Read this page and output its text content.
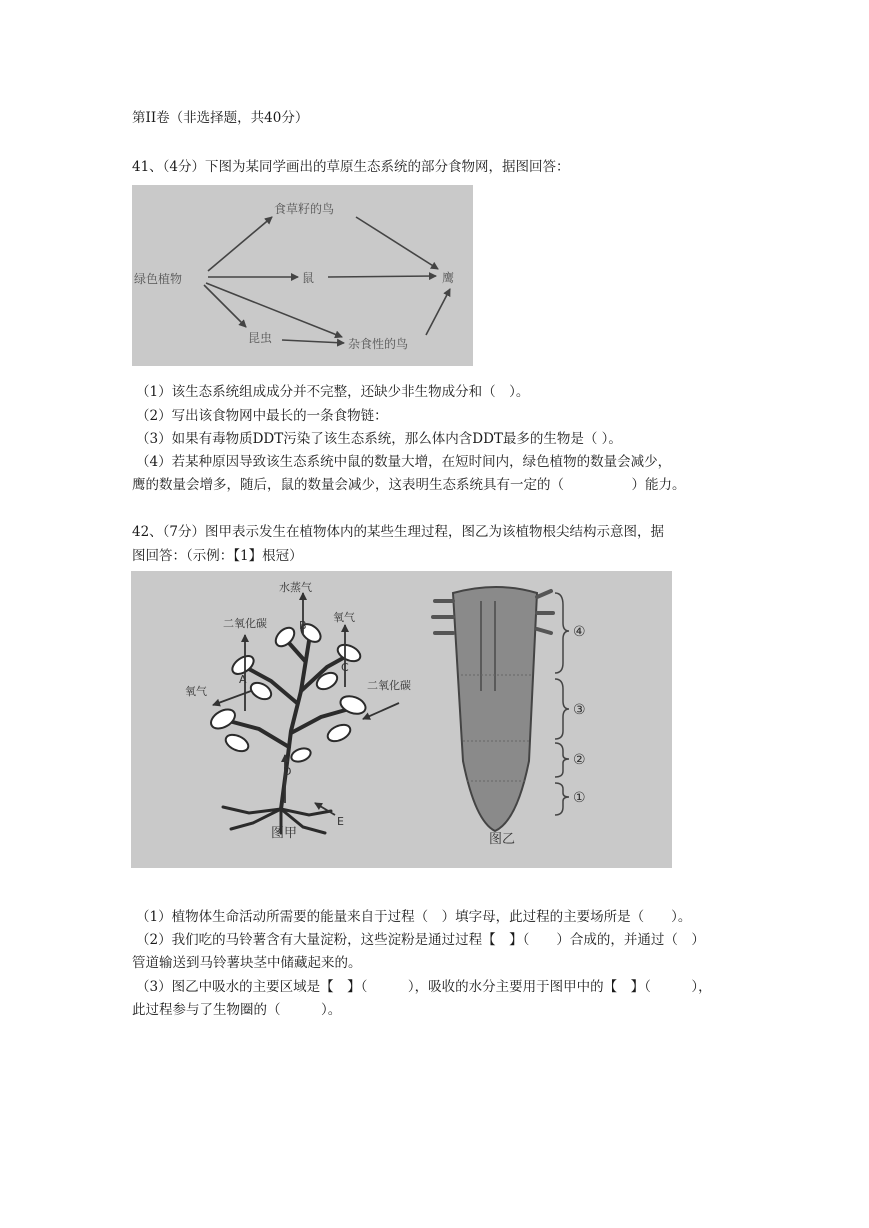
第II卷（非选择题，共40分）
41、（4分）下图为某同学画出的草原生态系统的部分食物网，据图回答：
绿色植物
食草籽的鸟
鼠	鹰
昆虫	杂食性的鸟
（1）该生态系统组成成分并不完整，还缺少非生物成分和（　）。
（2）写出该食物网中最长的一条食物链：
（3）如果有毒物质DDT污染了该生态系统，那么体内含DDT最多的生物是（ ）。
（4）若某种原因导致该生态系统中鼠的数量大增，在短时间内，绿色植物的数量会减少，
鹰的数量会增多，随后，鼠的数量会减少，这表明生态系统具有一定的（　　　　　）能力。
42、（7分）图甲表示发生在植物体内的某些生理过程，图乙为该植物根尖结构示意图，据
图回答：（示例：【1】根冠）
水蒸气
二氧化碳	氧气
氧气	二氧化碳
A
B
C
D
E
图甲
④
③
②
①
图乙
（1）植物体生命活动所需要的能量来自于过程（　）填字母，此过程的主要场所是（　　）。
（2）我们吃的马铃薯含有大量淀粉，这些淀粉是通过过程【　】（　　）合成的，并通过（　）
管道输送到马铃薯块茎中储藏起来的。
（3）图乙中吸水的主要区域是【　】（　　　），吸收的水分主要用于图甲中的【　】（　　　），
此过程参与了生物圈的（　　　）。
